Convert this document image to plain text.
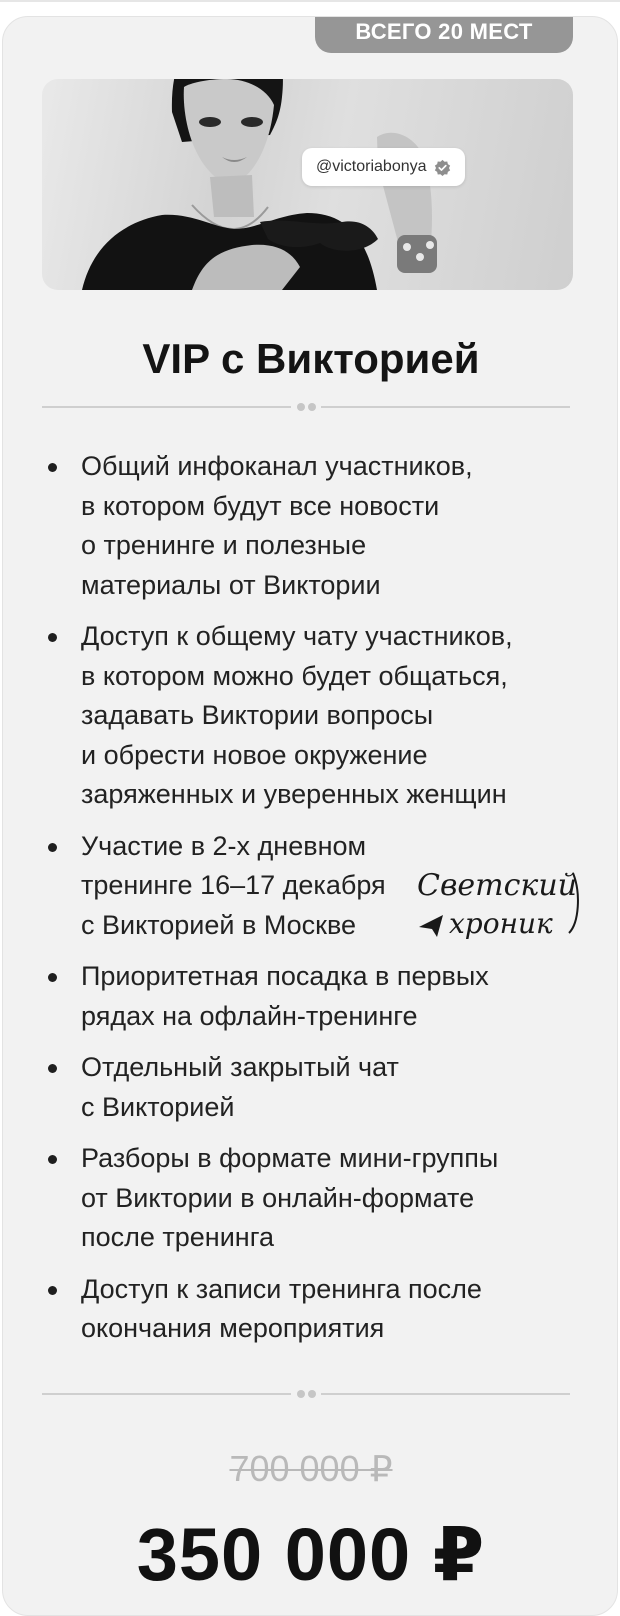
ВСЕГО 20 МЕСТ
@victoriabonya
VIP с Викторией
Общий инфоканал участников,
в котором будут все новости
о тренинге и полезные
материалы от Виктории
Доступ к общему чату участников,
в котором можно будет общаться,
задавать Виктории вопросы
и обрести новое окружение
заряженных и уверенных женщин
Участие в 2-х дневном
тренинге 16–17 декабря
с Викторией в Москве
Приоритетная посадка в первых
рядах на офлайн-тренинге
Отдельный закрытый чат
с Викторией
Разборы в формате мини-группы
от Виктории в онлайн-формате
после тренинга
Доступ к записи тренинга после
окончания мероприятия
Светский
хроник
700 000 ₽
350 000 ₽
